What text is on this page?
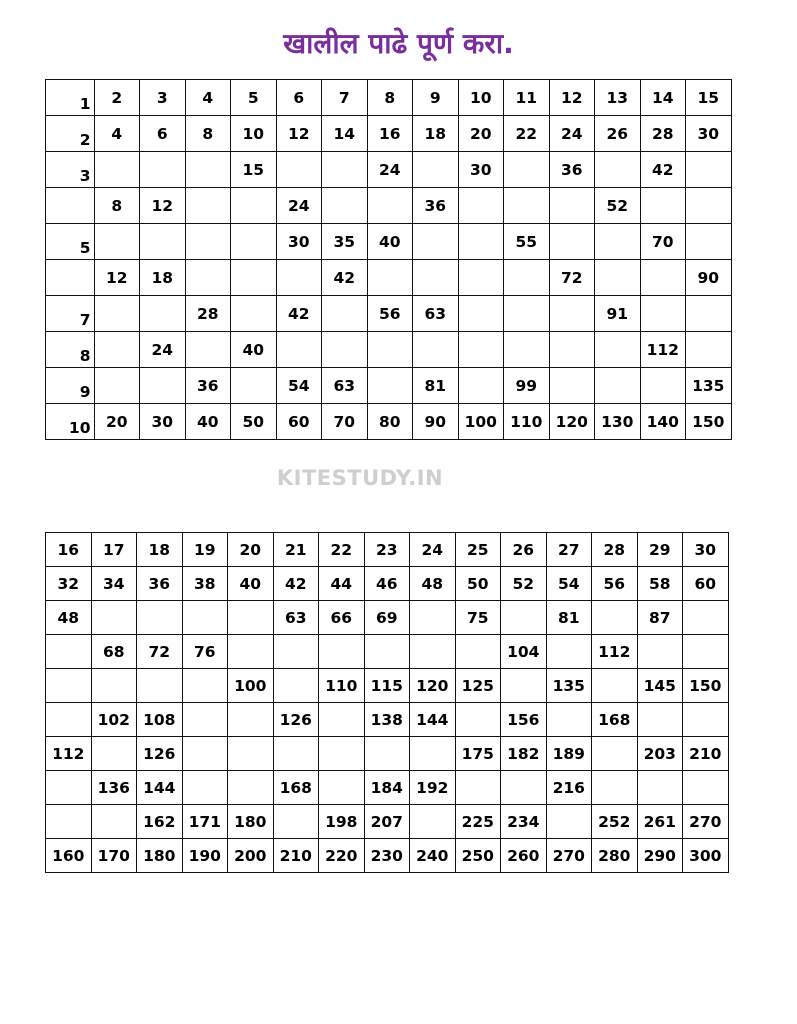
खालील पाढे पूर्ण करा.
1	2	3	4	5	6	7	8	9	10	11	12	13	14	15
2	4	6	8	10	12	14	16	18	20	22	24	26	28	30
3				15			24		30		36		42	
	8	12			24			36				52		
5					30	35	40			55			70	
	12	18				42					72			90
7			28		42		56	63				91		
8		24		40									112	
9			36		54	63		81		99				135
10	20	30	40	50	60	70	80	90	100	110	120	130	140	150
KITESTUDY.IN
16	17	18	19	20	21	22	23	24	25	26	27	28	29	30
32	34	36	38	40	42	44	46	48	50	52	54	56	58	60
48					63	66	69		75		81		87	
	68	72	76							104		112		
				100		110	115	120	125		135		145	150
	102	108			126		138	144		156		168		
112		126							175	182	189		203	210
	136	144			168		184	192			216			
		162	171	180		198	207		225	234		252	261	270
160	170	180	190	200	210	220	230	240	250	260	270	280	290	300
